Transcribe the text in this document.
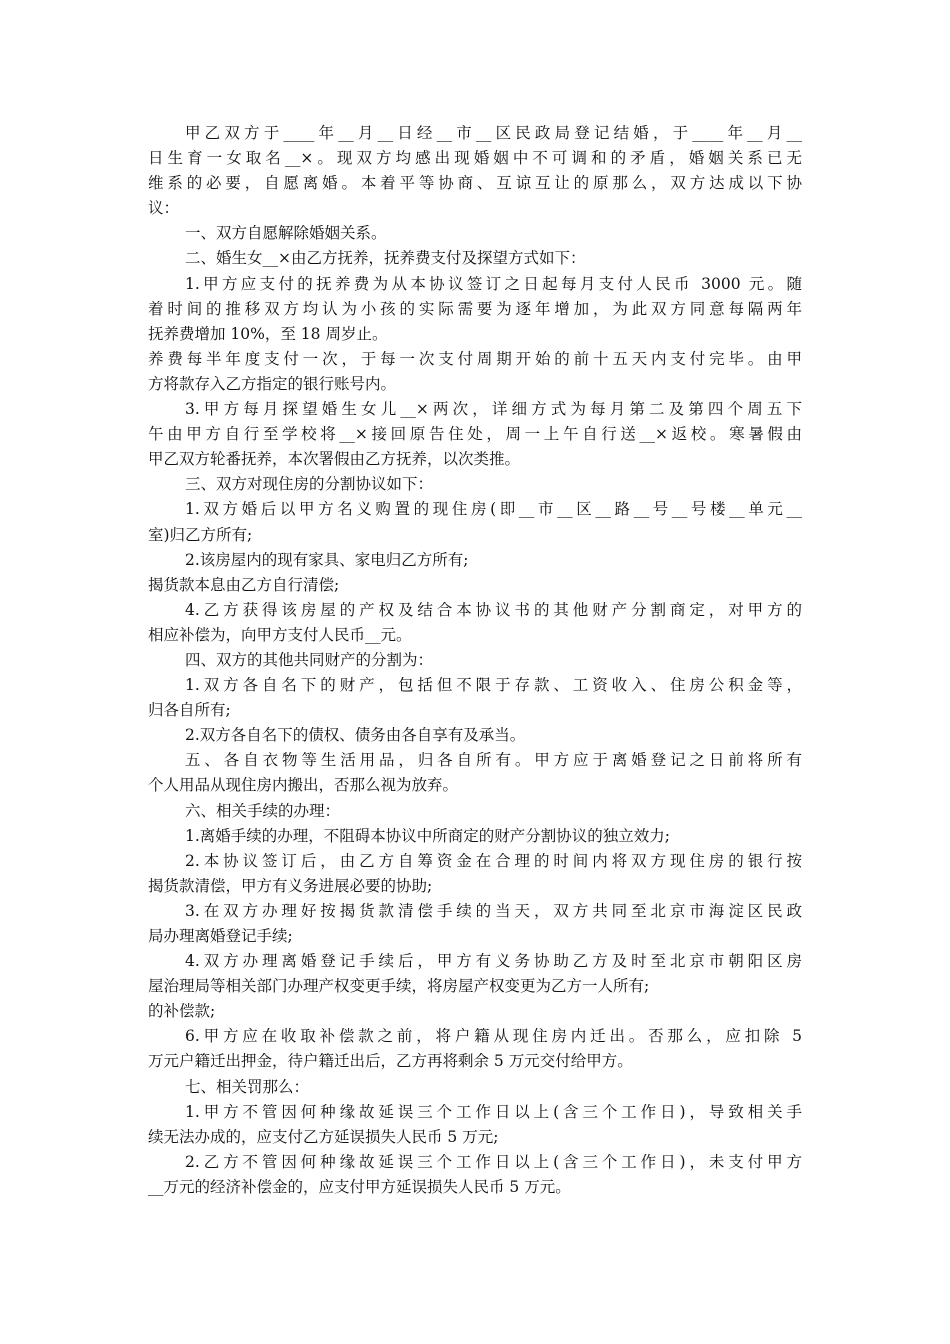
甲乙双方于____年__月__日经__市__区民政局登记结婚，于____年__月__
日生育一女取名__×。现双方均感出现婚姻中不可调和的矛盾，婚姻关系已无
维系的必要，自愿离婚。本着平等协商、互谅互让的原那么，双方达成以下协
议：
一、双方自愿解除婚姻关系。
二、婚生女__×由乙方抚养，抚养费支付及探望方式如下：
1.甲方应支付的抚养费为从本协议签订之日起每月支付人民币 3000 元。随
着时间的推移双方均认为小孩的实际需要为逐年增加，为此双方同意每隔两年
抚养费增加 10%，至 18 周岁止。
养费每半年度支付一次，于每一次支付周期开始的前十五天内支付完毕。由甲
方将款存入乙方指定的银行账号内。
3.甲方每月探望婚生女儿__×两次，详细方式为每月第二及第四个周五下
午由甲方自行至学校将__×接回原告住处，周一上午自行送__×返校。寒暑假由
甲乙双方轮番抚养，本次署假由乙方抚养，以次类推。
三、双方对现住房的分割协议如下：
1.双方婚后以甲方名义购置的现住房(即__市__区__路__号__号楼__单元__
室)归乙方所有;
2.该房屋内的现有家具、家电归乙方所有;
揭货款本息由乙方自行清偿;
4.乙方获得该房屋的产权及结合本协议书的其他财产分割商定，对甲方的
相应补偿为，向甲方支付人民币__元。
四、双方的其他共同财产的分割为：
1.双方各自名下的财产，包括但不限于存款、工资收入、住房公积金等，
归各自所有;
2.双方各自名下的债权、债务由各自享有及承当。
五、各自衣物等生活用品，归各自所有。甲方应于离婚登记之日前将所有
个人用品从现住房内搬出，否那么视为放弃。
六、相关手续的办理：
1.离婚手续的办理，不阻碍本协议中所商定的财产分割协议的独立效力;
2.本协议签订后，由乙方自筹资金在合理的时间内将双方现住房的银行按
揭货款清偿，甲方有义务进展必要的协助;
3.在双方办理好按揭货款清偿手续的当天，双方共同至北京市海淀区民政
局办理离婚登记手续;
4.双方办理离婚登记手续后，甲方有义务协助乙方及时至北京市朝阳区房
屋治理局等相关部门办理产权变更手续，将房屋产权变更为乙方一人所有;
的补偿款;
6.甲方应在收取补偿款之前，将户籍从现住房内迁出。否那么，应扣除 5
万元户籍迁出押金，待户籍迁出后，乙方再将剩余 5 万元交付给甲方。
七、相关罚那么：
1.甲方不管因何种缘故延误三个工作日以上(含三个工作日)，导致相关手
续无法办成的，应支付乙方延误损失人民币 5 万元;
2.乙方不管因何种缘故延误三个工作日以上(含三个工作日)，未支付甲方
__万元的经济补偿金的，应支付甲方延误损失人民币 5 万元。
